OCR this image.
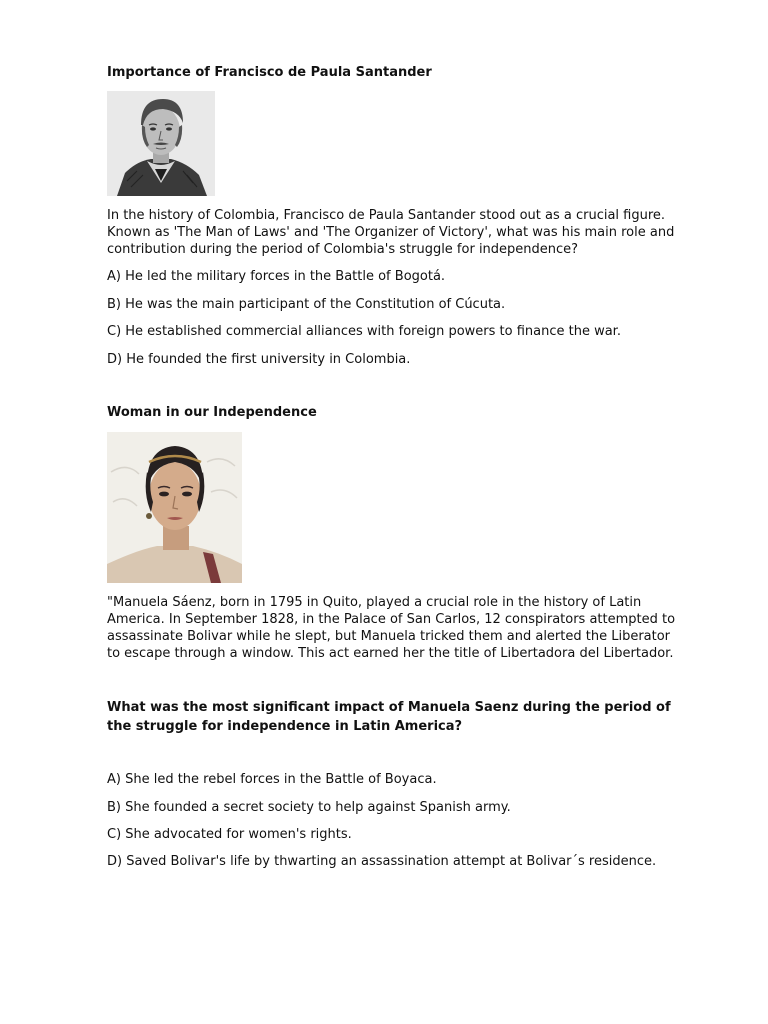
Importance of Francisco de Paula Santander

In the history of Colombia, Francisco de Paula Santander stood out as a crucial figure.
Known as 'The Man of Laws' and 'The Organizer of Victory', what was his main role and
contribution during the period of Colombia's struggle for independence?

A) He led the military forces in the Battle of Bogotá.
B) He was the main participant of the Constitution of Cúcuta.
C) He established commercial alliances with foreign powers to finance the war.
D) He founded the first university in Colombia.
Woman in our Independence

"Manuela Sáenz, born in 1795 in Quito, played a crucial role in the history of Latin
America. In September 1828, in the Palace of San Carlos, 12 conspirators attempted to
assassinate Bolivar while he slept, but Manuela tricked them and alerted the Liberator
to escape through a window. This act earned her the title of Libertadora del Libertador.

What was the most significant impact of Manuela Saenz during the period of
the struggle for independence in Latin America?
A) She led the rebel forces in the Battle of Boyaca.
B) She founded a secret society to help against Spanish army.
C) She advocated for women's rights.
D) Saved Bolivar's life by thwarting an assassination attempt at Bolivar´s residence.
